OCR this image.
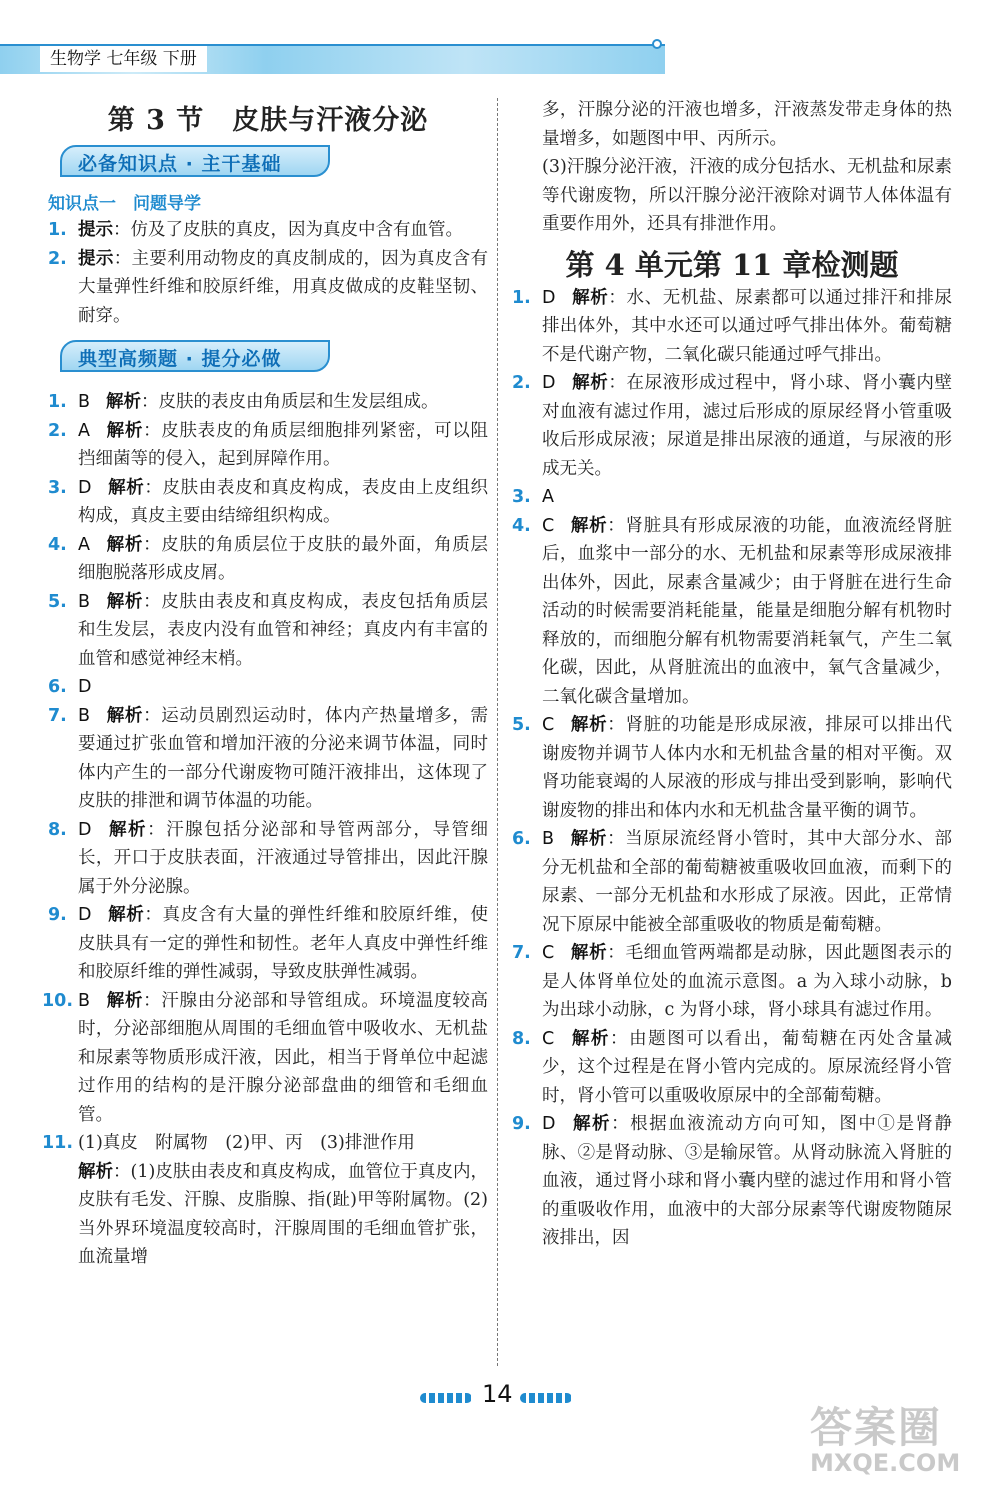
生物学 七年级 下册
第 3 节　皮肤与汗液分泌
必备知识点 · 主干基础
知识点一　问题导学
1. 提示：仿及了皮肤的真皮，因为真皮中含有血管。
2. 提示：主要利用动物皮的真皮制成的，因为真皮含有大量弹性纤维和胶原纤维，用真皮做成的皮鞋坚韧、耐穿。
典型高频题 · 提分必做
1. B 解析：皮肤的表皮由角质层和生发层组成。
2. A 解析：皮肤表皮的角质层细胞排列紧密，可以阻挡细菌等的侵入，起到屏障作用。
3. D 解析：皮肤由表皮和真皮构成，表皮由上皮组织构成，真皮主要由结缔组织构成。
4. A 解析：皮肤的角质层位于皮肤的最外面，角质层细胞脱落形成皮屑。
5. B 解析：皮肤由表皮和真皮构成，表皮包括角质层和生发层，表皮内没有血管和神经；真皮内有丰富的血管和感觉神经末梢。
6. D
7. B 解析：运动员剧烈运动时，体内产热量增多，需要通过扩张血管和增加汗液的分泌来调节体温，同时体内产生的一部分代谢废物可随汗液排出，这体现了皮肤的排泄和调节体温的功能。
8. D 解析：汗腺包括分泌部和导管两部分，导管细长，开口于皮肤表面，汗液通过导管排出，因此汗腺属于外分泌腺。
9. D 解析：真皮含有大量的弹性纤维和胶原纤维，使皮肤具有一定的弹性和韧性。老年人真皮中弹性纤维和胶原纤维的弹性减弱，导致皮肤弹性减弱。
10. B 解析：汗腺由分泌部和导管组成。环境温度较高时，分泌部细胞从周围的毛细血管中吸收水、无机盐和尿素等物质形成汗液，因此，相当于肾单位中起滤过作用的结构的是汗腺分泌部盘曲的细管和毛细血管。
11. (1)真皮　附属物　(2)甲、丙　(3)排泄作用
解析：(1)皮肤由表皮和真皮构成，血管位于真皮内，皮肤有毛发、汗腺、皮脂腺、指(趾)甲等附属物。(2)当外界环境温度较高时，汗腺周围的毛细血管扩张，血流量增
多，汗腺分泌的汗液也增多，汗液蒸发带走身体的热量增多，如题图中甲、丙所示。
(3)汗腺分泌汗液，汗液的成分包括水、无机盐和尿素等代谢废物，所以汗腺分泌汗液除对调节人体体温有重要作用外，还具有排泄作用。
第 4 单元第 11 章检测题
1. D 解析：水、无机盐、尿素都可以通过排汗和排尿排出体外，其中水还可以通过呼气排出体外。葡萄糖不是代谢产物，二氧化碳只能通过呼气排出。
2. D 解析：在尿液形成过程中，肾小球、肾小囊内壁对血液有滤过作用，滤过后形成的原尿经肾小管重吸收后形成尿液；尿道是排出尿液的通道，与尿液的形成无关。
3. A
4. C 解析：肾脏具有形成尿液的功能，血液流经肾脏后，血浆中一部分的水、无机盐和尿素等形成尿液排出体外，因此，尿素含量减少；由于肾脏在进行生命活动的时候需要消耗能量，能量是细胞分解有机物时释放的，而细胞分解有机物需要消耗氧气，产生二氧化碳，因此，从肾脏流出的血液中，氧气含量减少，二氧化碳含量增加。
5. C 解析：肾脏的功能是形成尿液，排尿可以排出代谢废物并调节人体内水和无机盐含量的相对平衡。双肾功能衰竭的人尿液的形成与排出受到影响，影响代谢废物的排出和体内水和无机盐含量平衡的调节。
6. B 解析：当原尿流经肾小管时，其中大部分水、部分无机盐和全部的葡萄糖被重吸收回血液，而剩下的尿素、一部分无机盐和水形成了尿液。因此，正常情况下原尿中能被全部重吸收的物质是葡萄糖。
7. C 解析：毛细血管两端都是动脉，因此题图表示的是人体肾单位处的血流示意图。a 为入球小动脉，b 为出球小动脉，c 为肾小球，肾小球具有滤过作用。
8. C 解析：由题图可以看出，葡萄糖在丙处含量减少，这个过程是在肾小管内完成的。原尿流经肾小管时，肾小管可以重吸收原尿中的全部葡萄糖。
9. D 解析：根据血液流动方向可知，图中①是肾静脉、②是肾动脉、③是输尿管。从肾动脉流入肾脏的血液，通过肾小球和肾小囊内壁的滤过作用和肾小管的重吸收作用，血液中的大部分尿素等代谢废物随尿液排出，因
14
答案圈
MXQE.COM
